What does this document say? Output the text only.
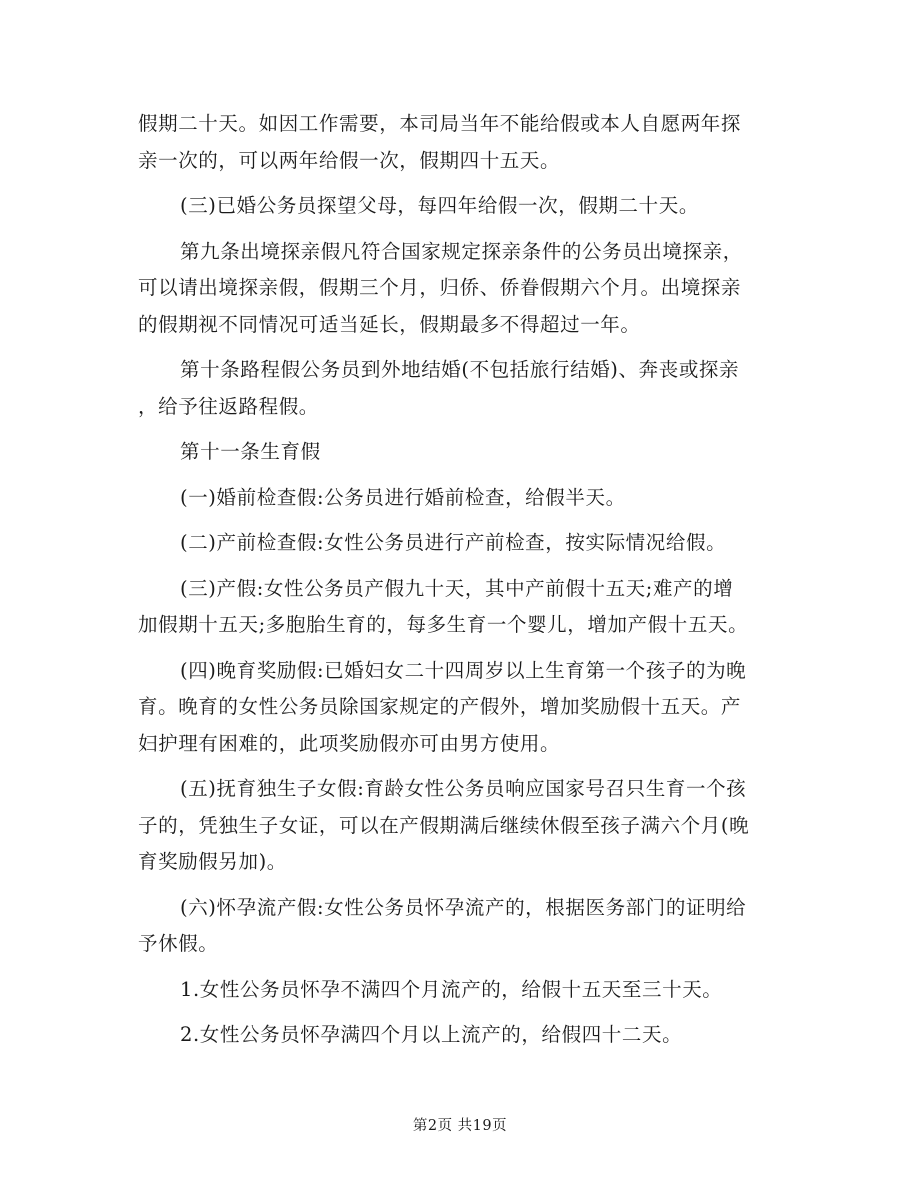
假期二十天。如因工作需要，本司局当年不能给假或本人自愿两年探
亲一次的，可以两年给假一次，假期四十五天。

(三)已婚公务员探望父母，每四年给假一次，假期二十天。

第九条出境探亲假凡符合国家规定探亲条件的公务员出境探亲，
可以请出境探亲假，假期三个月，归侨、侨眷假期六个月。出境探亲
的假期视不同情况可适当延长，假期最多不得超过一年。

第十条路程假公务员到外地结婚(不包括旅行结婚)、奔丧或探亲
，给予往返路程假。

第十一条生育假

(一)婚前检查假:公务员进行婚前检查，给假半天。

(二)产前检查假:女性公务员进行产前检查，按实际情况给假。

(三)产假:女性公务员产假九十天，其中产前假十五天;难产的增
加假期十五天;多胞胎生育的，每多生育一个婴儿，增加产假十五天。

(四)晚育奖励假:已婚妇女二十四周岁以上生育第一个孩子的为晚
育。晚育的女性公务员除国家规定的产假外，增加奖励假十五天。产
妇护理有困难的，此项奖励假亦可由男方使用。

(五)抚育独生子女假:育龄女性公务员响应国家号召只生育一个孩
子的，凭独生子女证，可以在产假期满后继续休假至孩子满六个月(晚
育奖励假另加)。

(六)怀孕流产假:女性公务员怀孕流产的，根据医务部门的证明给
予休假。

1.女性公务员怀孕不满四个月流产的，给假十五天至三十天。

2.女性公务员怀孕满四个月以上流产的，给假四十二天。

第2页 共19页
